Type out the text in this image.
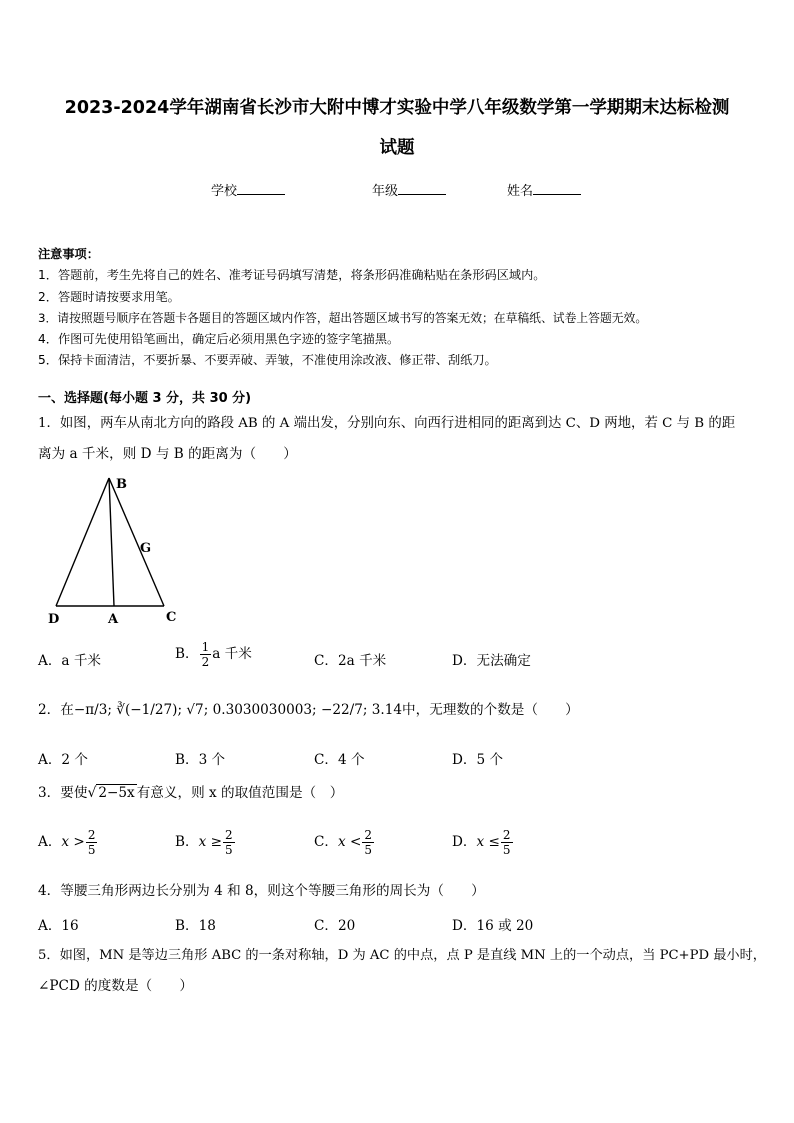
2023-2024学年湖南省长沙市大附中博才实验中学八年级数学第一学期期末达标检测
试题
学校	年级	姓名
注意事项：
1．答题前，考生先将自己的姓名、准考证号码填写清楚，将条形码准确粘贴在条形码区域内。
2．答题时请按要求用笔。
3．请按照题号顺序在答题卡各题目的答题区域内作答，超出答题区域书写的答案无效；在草稿纸、试卷上答题无效。
4．作图可先使用铅笔画出，确定后必须用黑色字迹的签字笔描黑。
5．保持卡面清洁，不要折暴、不要弄破、弄皱，不准使用涂改液、修正带、刮纸刀。
一、选择题(每小题 3 分，共 30 分)
1．如图，两车从南北方向的路段 AB 的 A 端出发，分别向东、向西行进相同的距离到达 C、D 两地，若 C 与 B 的距
离为 a 千米，则 D 与 B 的距离为（　　）
B
G
D	A	C
A．a 千米	B． $\frac{1}{2}$ a 千米	C．2a 千米	D．无法确定
2．在−π/3; ∛(−1/27); √7; 0.3030030003; −22/7; 3.14中，无理数的个数是（　　）
A．2 个	B．3 个	C．4 个	D．5 个
3．要使√ 2−5x 有意义，则 x 的取值范围是（　）
A．$x > \frac{2}{5}$	B．$x \ge \frac{2}{5}$	C．$x < \frac{2}{5}$	D．$x \le \frac{2}{5}$
4．等腰三角形两边长分别为 4 和 8，则这个等腰三角形的周长为（　　）
A．16	B．18	C．20	D．16 或 20
5．如图，MN 是等边三角形 ABC 的一条对称轴，D 为 AC 的中点，点 P 是直线 MN 上的一个动点，当 PC+PD 最小时，
∠PCD 的度数是（　　）
